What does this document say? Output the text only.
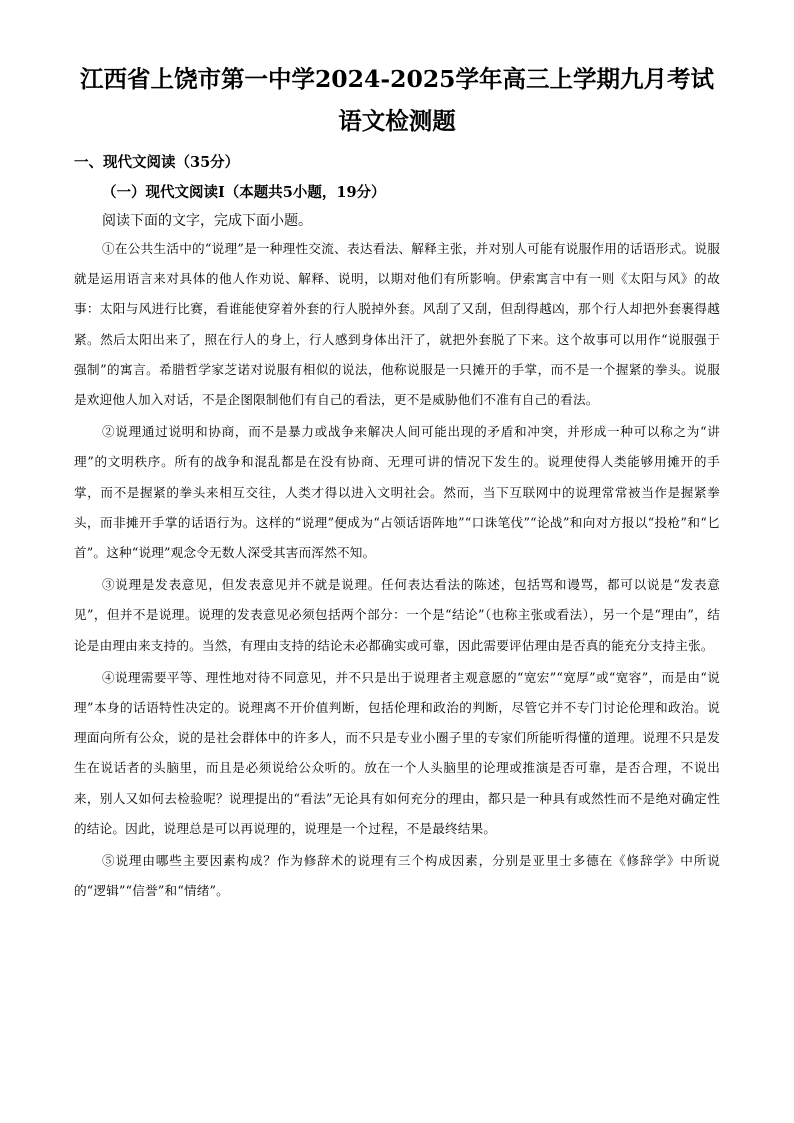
江西省上饶市第一中学2024-2025学年高三上学期九月考试语文检测题
一、现代文阅读（35分）
（一）现代文阅读Ⅰ（本题共5小题，19分）
阅读下面的文字，完成下面小题。

①在公共生活中的“说理”是一种理性交流、表达看法、解释主张，并对别人可能有说服作用的话语形式。说服就是运用语言来对具体的他人作劝说、解释、说明，以期对他们有所影响。伊索寓言中有一则《太阳与风》的故事：太阳与风进行比赛，看谁能使穿着外套的行人脱掉外套。风刮了又刮，但刮得越凶，那个行人却把外套裹得越紧。然后太阳出来了，照在行人的身上，行人感到身体出汗了，就把外套脱了下来。这个故事可以用作“说服强于强制”的寓言。希腊哲学家芝诺对说服有相似的说法，他称说服是一只摊开的手掌，而不是一个握紧的拳头。说服是欢迎他人加入对话，不是企图限制他们有自己的看法，更不是威胁他们不准有自己的看法。

②说理通过说明和协商，而不是暴力或战争来解决人间可能出现的矛盾和冲突，并形成一种可以称之为“讲理”的文明秩序。所有的战争和混乱都是在没有协商、无理可讲的情况下发生的。说理使得人类能够用摊开的手掌，而不是握紧的拳头来相互交往，人类才得以进入文明社会。然而，当下互联网中的说理常常被当作是握紧拳头，而非摊开手掌的话语行为。这样的“说理”便成为“占领话语阵地”“口诛笔伐”“论战”和向对方报以“投枪”和“匕首”。这种“说理”观念令无数人深受其害而浑然不知。

③说理是发表意见，但发表意见并不就是说理。任何表达看法的陈述，包括骂和谩骂，都可以说是“发表意见”，但并不是说理。说理的发表意见必须包括两个部分：一个是“结论”（也称主张或看法），另一个是“理由”，结论是由理由来支持的。当然，有理由支持的结论未必都确实或可靠，因此需要评估理由是否真的能充分支持主张。

④说理需要平等、理性地对待不同意见，并不只是出于说理者主观意愿的“宽宏”“宽厚”或“宽容”，而是由“说理”本身的话语特性决定的。说理离不开价值判断，包括伦理和政治的判断，尽管它并不专门讨论伦理和政治。说理面向所有公众，说的是社会群体中的许多人，而不只是专业小圈子里的专家们所能听得懂的道理。说理不只是发生在说话者的头脑里，而且是必须说给公众听的。放在一个人头脑里的论理或推演是否可靠，是否合理，不说出来，别人又如何去检验呢？说理提出的“看法”无论具有如何充分的理由，都只是一种具有或然性而不是绝对确定性的结论。因此，说理总是可以再说理的，说理是一个过程，不是最终结果。

⑤说理由哪些主要因素构成？作为修辞术的说理有三个构成因素，分别是亚里士多德在《修辞学》中所说的“逻辑”“信誉”和“情绪”。
